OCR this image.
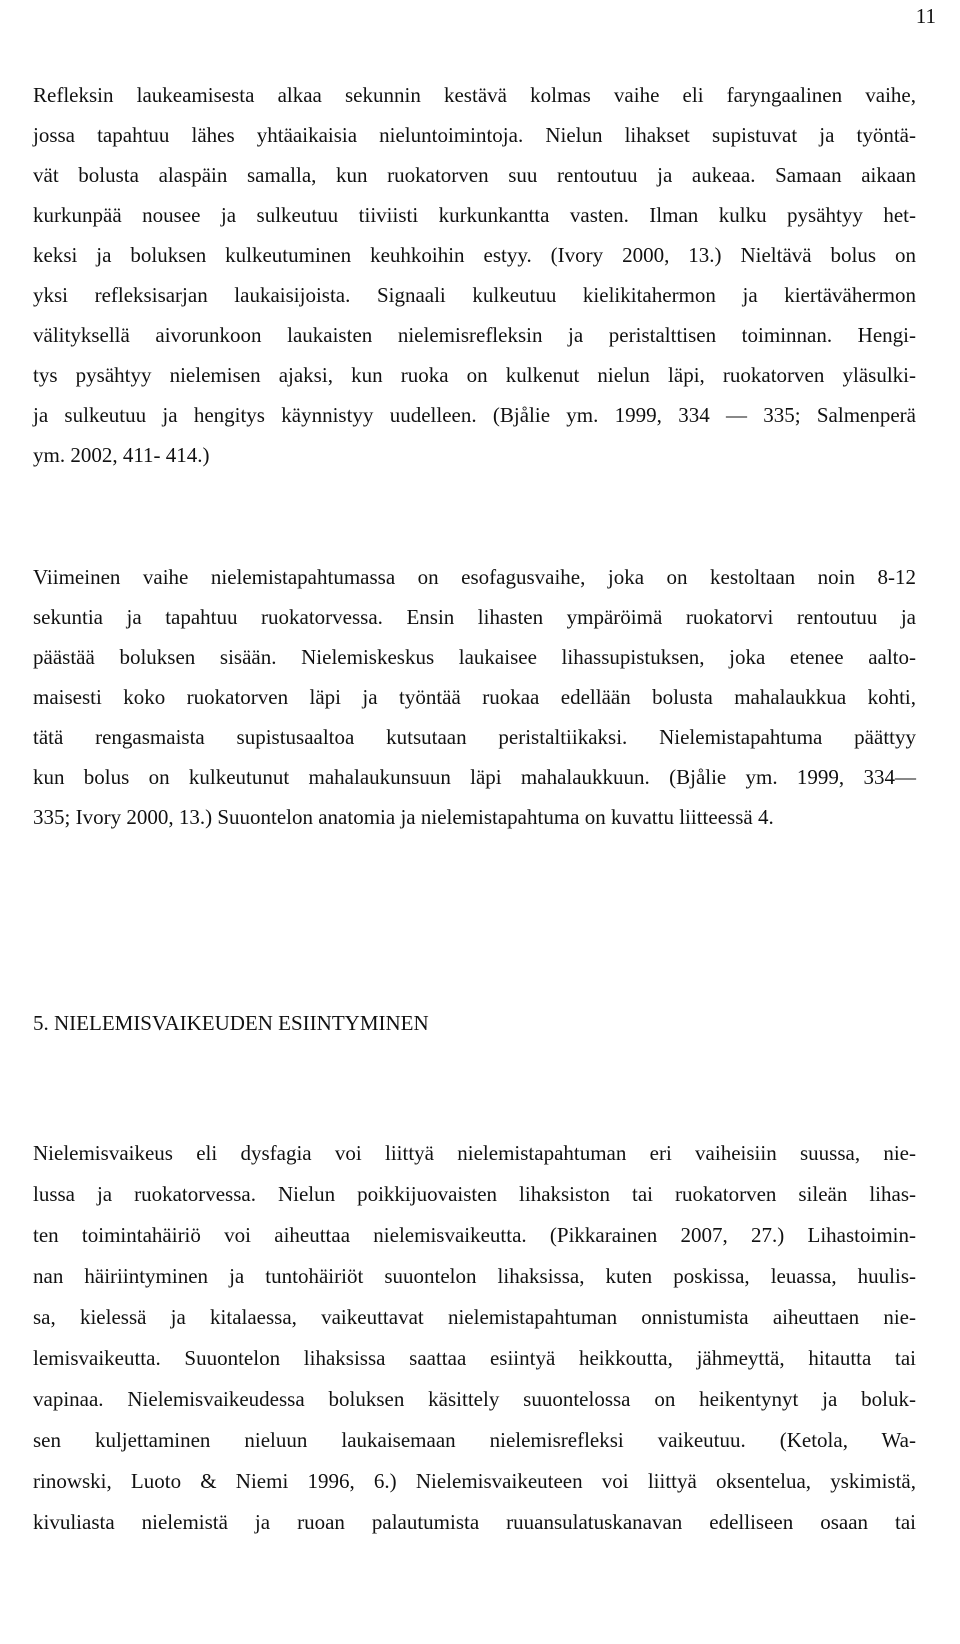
11
Refleksin laukeamisesta alkaa sekunnin kestävä kolmas vaihe eli faryngaalinen vaihe,
jossa tapahtuu lähes yhtäaikaisia nieluntoimintoja. Nielun lihakset supistuvat ja työntä-
vät bolusta alaspäin samalla, kun ruokatorven suu rentoutuu ja aukeaa. Samaan aikaan
kurkunpää nousee ja sulkeutuu tiiviisti kurkunkantta vasten. Ilman kulku pysähtyy het-
keksi ja boluksen kulkeutuminen keuhkoihin estyy. (Ivory 2000, 13.) Nieltävä bolus on
yksi refleksisarjan laukaisijoista. Signaali kulkeutuu kielikitahermon ja kiertävähermon
välityksellä aivorunkoon laukaisten nielemisrefleksin ja peristalttisen toiminnan. Hengi-
tys pysähtyy nielemisen ajaksi, kun ruoka on kulkenut nielun läpi, ruokatorven yläsulki-
ja sulkeutuu ja hengitys käynnistyy uudelleen. (Bjålie ym. 1999, 334 — 335; Salmenperä
ym. 2002, 411- 414.)
Viimeinen vaihe nielemistapahtumassa on esofagusvaihe, joka on kestoltaan noin 8-12
sekuntia ja tapahtuu ruokatorvessa. Ensin lihasten ympäröimä ruokatorvi rentoutuu ja
päästää boluksen sisään. Nielemiskeskus laukaisee lihassupistuksen, joka etenee aalto-
maisesti koko ruokatorven läpi ja työntää ruokaa edellään bolusta mahalaukkua kohti,
tätä rengasmaista supistusaaltoa kutsutaan peristaltiikaksi. Nielemistapahtuma päättyy
kun bolus on kulkeutunut mahalaukunsuun läpi mahalaukkuun. (Bjålie ym. 1999, 334—
335; Ivory 2000, 13.) Suuontelon anatomia ja nielemistapahtuma on kuvattu liitteessä 4.
5. NIELEMISVAIKEUDEN ESIINTYMINEN
Nielemisvaikeus eli dysfagia voi liittyä nielemistapahtuman eri vaiheisiin suussa, nie-
lussa ja ruokatorvessa. Nielun poikkijuovaisten lihaksiston tai ruokatorven sileän lihas-
ten toimintahäiriö voi aiheuttaa nielemisvaikeutta. (Pikkarainen 2007, 27.) Lihastoimin-
nan häiriintyminen ja tuntohäiriöt suuontelon lihaksissa, kuten poskissa, leuassa, huulis-
sa, kielessä ja kitalaessa, vaikeuttavat nielemistapahtuman onnistumista aiheuttaen nie-
lemisvaikeutta. Suuontelon lihaksissa saattaa esiintyä heikkoutta, jähmeyttä, hitautta tai
vapinaa. Nielemisvaikeudessa boluksen käsittely suuontelossa on heikentynyt ja boluk-
sen kuljettaminen nieluun laukaisemaan nielemisrefleksi vaikeutuu. (Ketola, Wa-
rinowski, Luoto & Niemi 1996, 6.) Nielemisvaikeuteen voi liittyä oksentelua, yskimistä,
kivuliasta nielemistä ja ruoan palautumista ruuansulatuskanavan edelliseen osaan tai
